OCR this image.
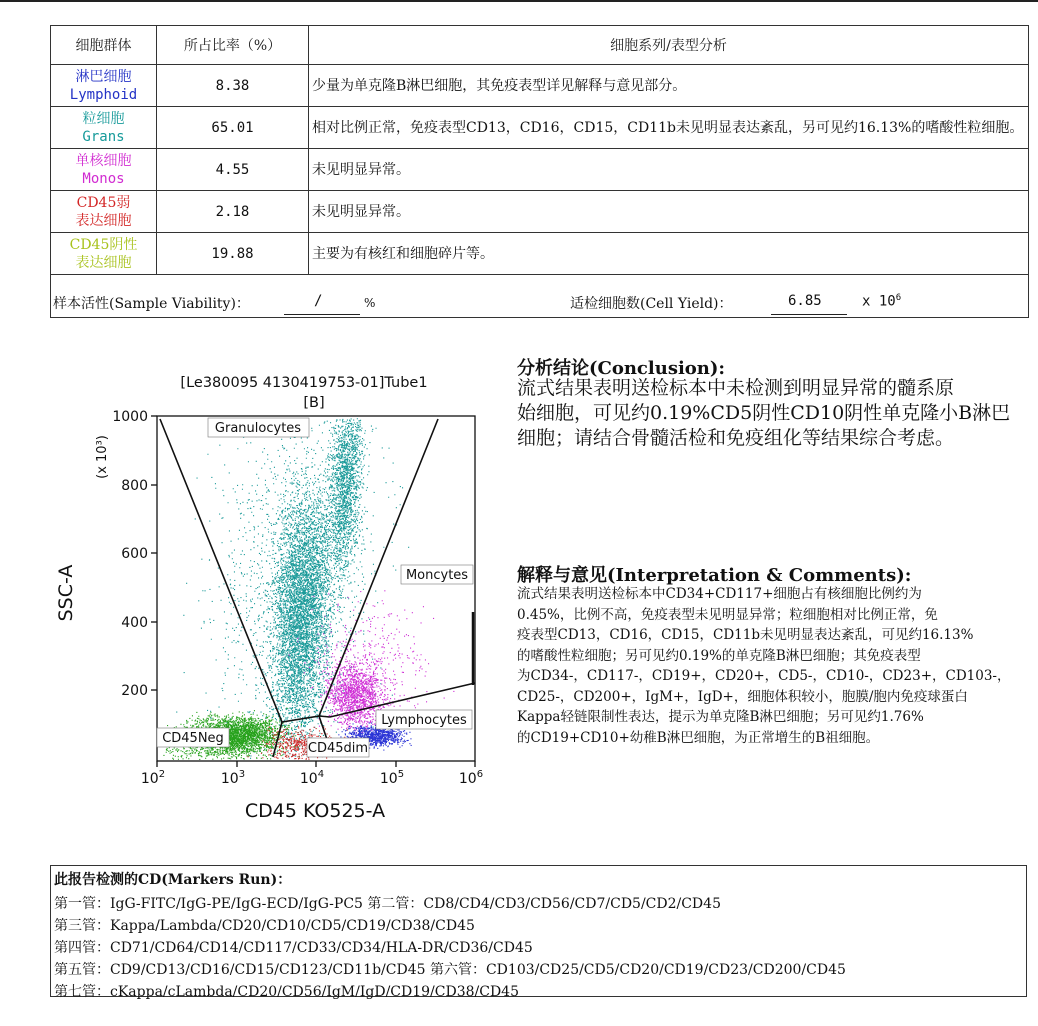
细胞群体	所占比率（%）	细胞系列/表型分析

淋巴细胞
Lymphoid	8.38	少量为单克隆B淋巴细胞，其免疫表型详见解释与意见部分。

粒细胞
Grans	65.01	相对比例正常，免疫表型CD13，CD16，CD15，CD11b未见明显表达紊乱，另可见约16.13%的嗜酸性粒细胞。

单核细胞
Monos	4.55	未见明显异常。

CD45弱
表达细胞	2.18	未见明显异常。

CD45阴性
表达细胞	19.88	主要为有核红和细胞碎片等。

样本活性(Sample Viability)：	/	%	适检细胞数(Cell Yield)：	6.85	x $10^6$
[Le380095 4130419753-01]Tube1
[B]
SSC-A
(x 10³)
CD45 KO525-A
1000
800
600
400
200
$10^2$	$10^3$	$10^4$	$10^5$	$10^6$
Granulocytes
Moncytes
Lymphocytes
CD45Neg
CD45dim
分析结论(Conclusion):
流式结果表明送检标本中未检测到明显异常的髓系原
始细胞，可见约0.19%CD5阴性CD10阴性单克隆小B淋巴
细胞；请结合骨髓活检和免疫组化等结果综合考虑。
解释与意见(Interpretation & Comments):
流式结果表明送检标本中CD34+CD117+细胞占有核细胞比例约为
0.45%，比例不高，免疫表型未见明显异常；粒细胞相对比例正常，免
疫表型CD13，CD16，CD15，CD11b未见明显表达紊乱，可见约16.13%
的嗜酸性粒细胞；另可见约0.19%的单克隆B淋巴细胞；其免疫表型
为CD34-，CD117-，CD19+，CD20+，CD5-，CD10-，CD23+，CD103-，
CD25-，CD200+，IgM+，IgD+，细胞体积较小，胞膜/胞内免疫球蛋白
Kappa轻链限制性表达，提示为单克隆B淋巴细胞；另可见约1.76%
的CD19+CD10+幼稚B淋巴细胞，为正常增生的B祖细胞。
此报告检测的CD(Markers Run)：
第一管：IgG-FITC/IgG-PE/IgG-ECD/IgG-PC5 第二管：CD8/CD4/CD3/CD56/CD7/CD5/CD2/CD45
第三管：Kappa/Lambda/CD20/CD10/CD5/CD19/CD38/CD45
第四管：CD71/CD64/CD14/CD117/CD33/CD34/HLA-DR/CD36/CD45
第五管：CD9/CD13/CD16/CD15/CD123/CD11b/CD45 第六管：CD103/CD25/CD5/CD20/CD19/CD23/CD200/CD45
第七管：cKappa/cLambda/CD20/CD56/IgM/IgD/CD19/CD38/CD45
